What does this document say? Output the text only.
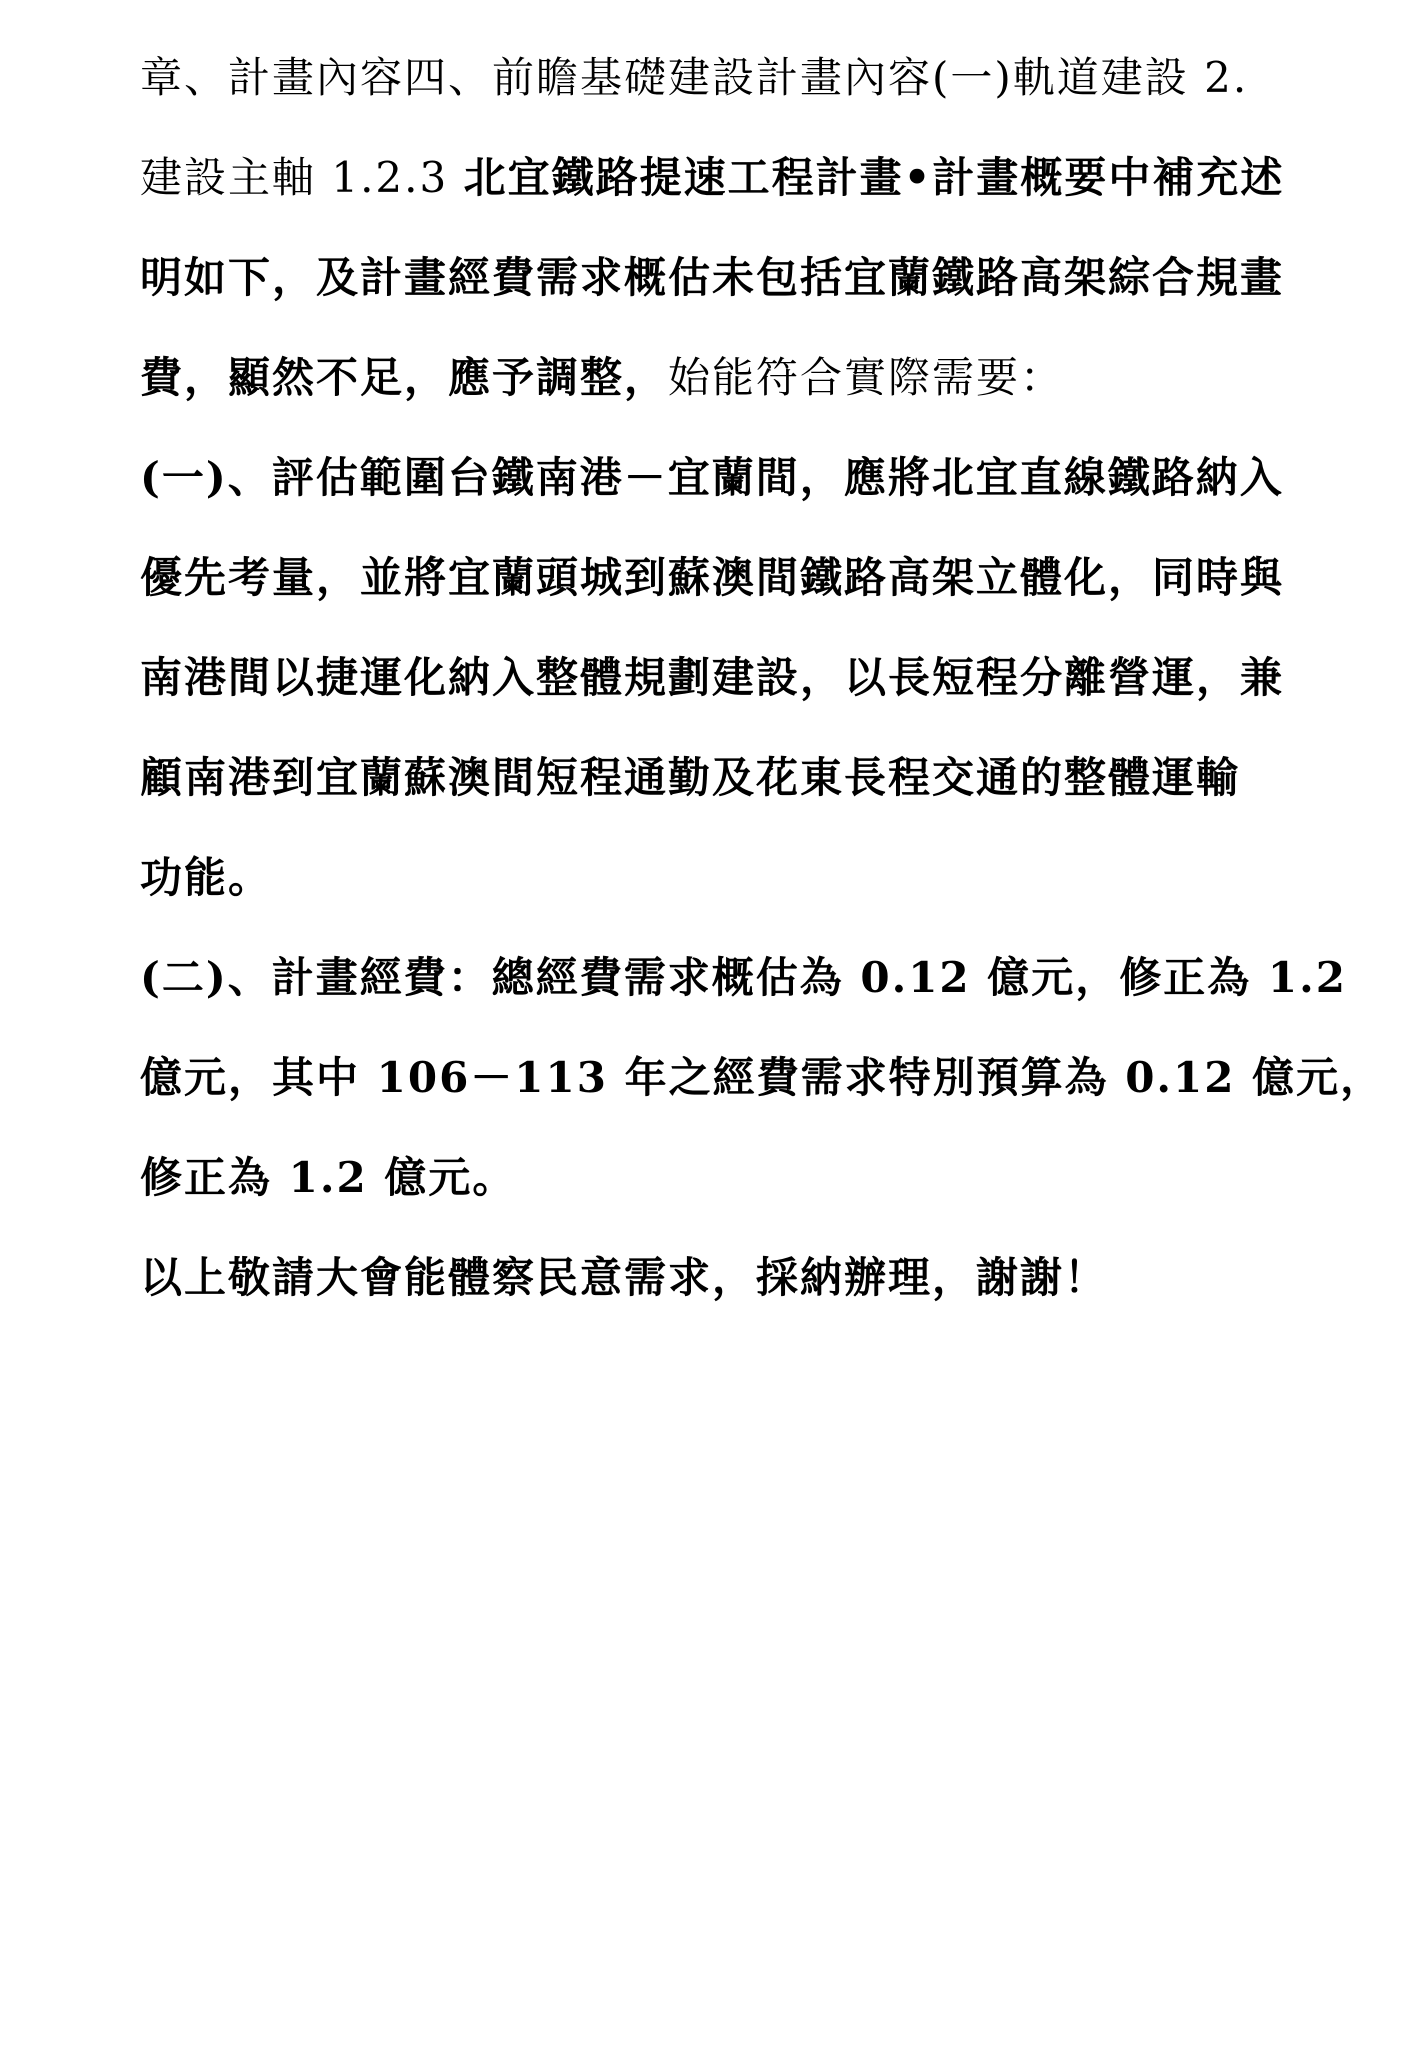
章、計畫內容四、前瞻基礎建設計畫內容(一)軌道建設 2.
建設主軸 1.2.3 北宜鐵路提速工程計畫•計畫概要中補充述
明如下，及計畫經費需求概估未包括宜蘭鐵路高架綜合規畫
費，顯然不足，應予調整，始能符合實際需要：
(一)、評估範圍台鐵南港－宜蘭間，應將北宜直線鐵路納入
優先考量，並將宜蘭頭城到蘇澳間鐵路高架立體化，同時與
南港間以捷運化納入整體規劃建設，以長短程分離營運，兼
顧南港到宜蘭蘇澳間短程通勤及花東長程交通的整體運輸
功能。
(二)、計畫經費：總經費需求概估為 0.12 億元，修正為 1.2
億元，其中 106－113 年之經費需求特別預算為 0.12 億元，
修正為 1.2 億元。
以上敬請大會能體察民意需求，採納辦理，謝謝！
